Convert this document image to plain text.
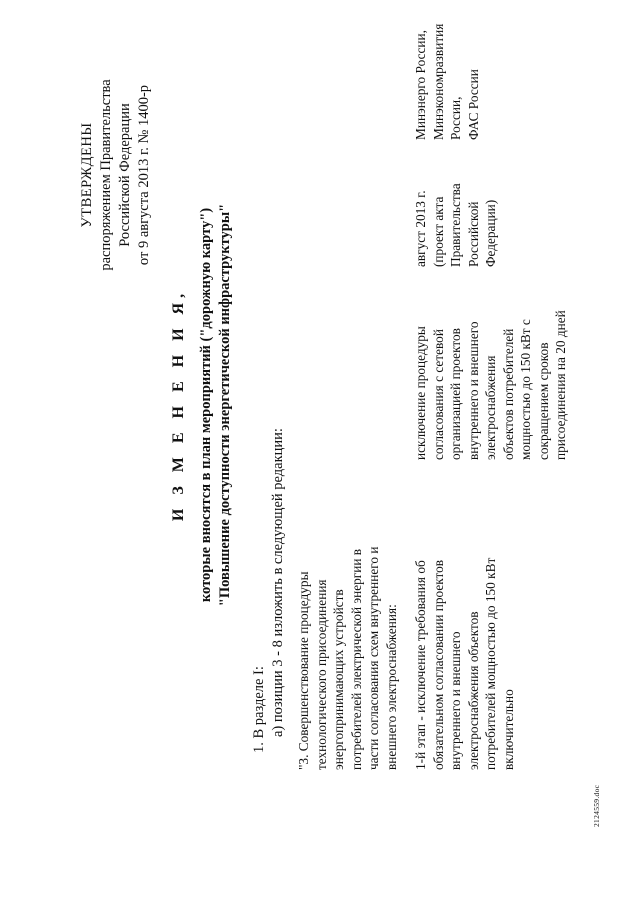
УТВЕРЖДЕНЫ распоряжением Правительства Российской Федерации от 9 августа 2013 г. № 1400-р
И З М Е Н Е Н И Я, которые вносятся в план мероприятий ("дорожную карту") "Повышение доступности энергетической инфраструктуры"
1. В разделе I: а) позиции 3 - 8 изложить в следующей редакции: "3. Совершенствование процедуры технологического присоединения энергопринимающих устройств потребителей электрической энергии в части согласования схем внутреннего и внешнего электроснабжения: 1-й этап - исключение требования об обязательном согласовании проектов внутреннего и внешнего электроснабжения объектов потребителей мощностью до 150 кВт включительно
исключение процедуры согласования с сетевой организацией проектов внутреннего и внешнего электроснабжения объектов потребителей мощностью до 150 кВт с сокращением сроков присоединения на 20 дней
август 2013 г. (проект акта Правительства Российской Федерации)
Минэнерго России, Минэкономразвития России, ФАС России
2124559.doc
